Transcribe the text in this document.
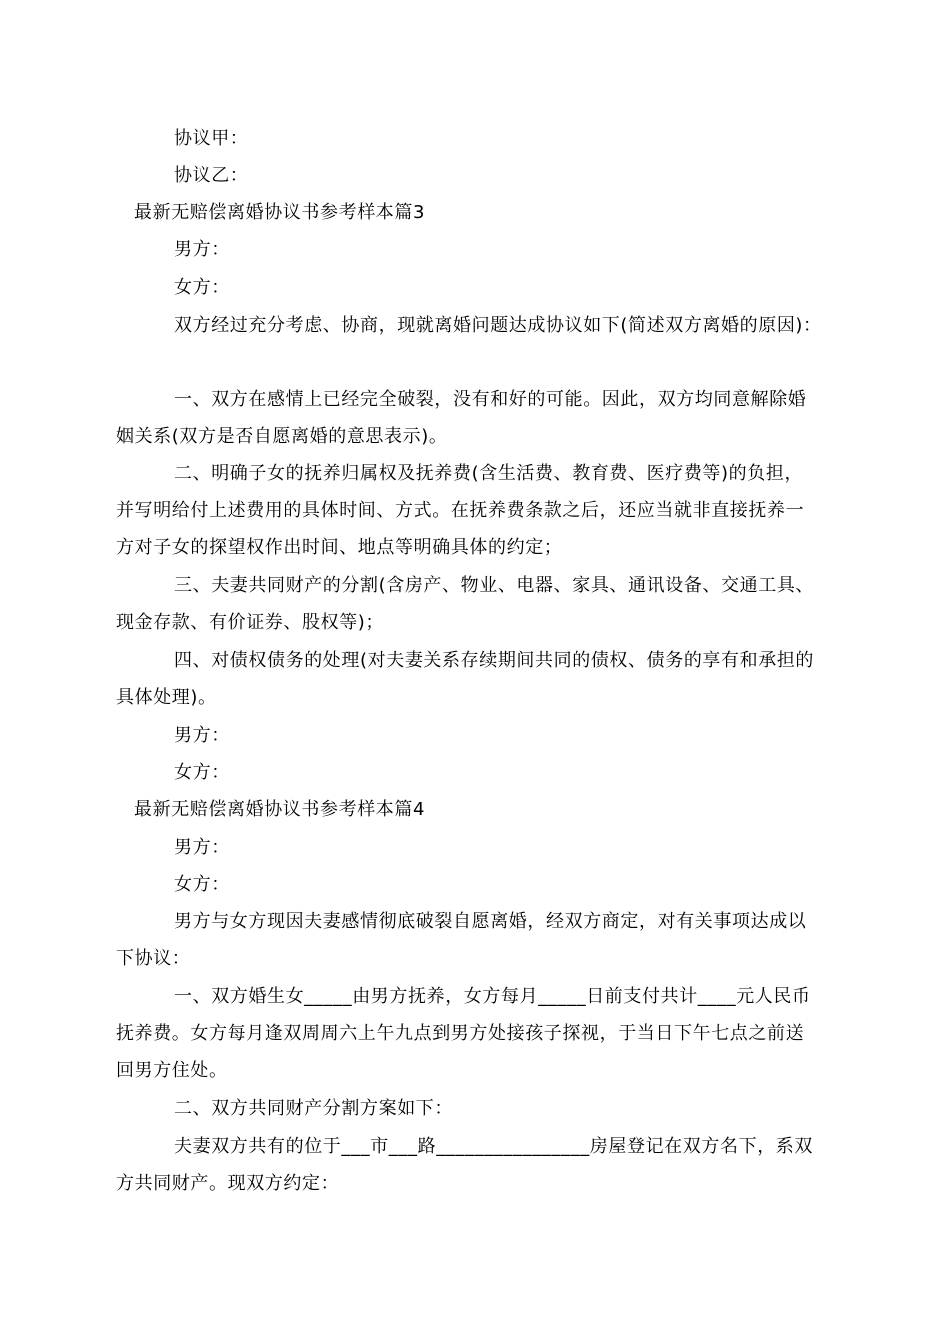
协议甲：
协议乙：
最新无赔偿离婚协议书参考样本篇3
男方：
女方：
双方经过充分考虑、协商，现就离婚问题达成协议如下(简述双方离婚的原因)：
一、双方在感情上已经完全破裂，没有和好的可能。因此，双方均同意解除婚
姻关系(双方是否自愿离婚的意思表示)。
二、明确子女的抚养归属权及抚养费(含生活费、教育费、医疗费等)的负担，
并写明给付上述费用的具体时间、方式。在抚养费条款之后，还应当就非直接抚养一
方对子女的探望权作出时间、地点等明确具体的约定；
三、夫妻共同财产的分割(含房产、物业、电器、家具、通讯设备、交通工具、
现金存款、有价证券、股权等)；
四、对债权债务的处理(对夫妻关系存续期间共同的债权、债务的享有和承担的
具体处理)。
男方：
女方：
最新无赔偿离婚协议书参考样本篇4
男方：
女方：
男方与女方现因夫妻感情彻底破裂自愿离婚，经双方商定，对有关事项达成以
下协议：
一、双方婚生女_____由男方抚养，女方每月_____日前支付共计____元人民币
抚养费。女方每月逢双周周六上午九点到男方处接孩子探视，于当日下午七点之前送
回男方住处。
二、双方共同财产分割方案如下：
夫妻双方共有的位于___市___路________________房屋登记在双方名下，系双
方共同财产。现双方约定：
